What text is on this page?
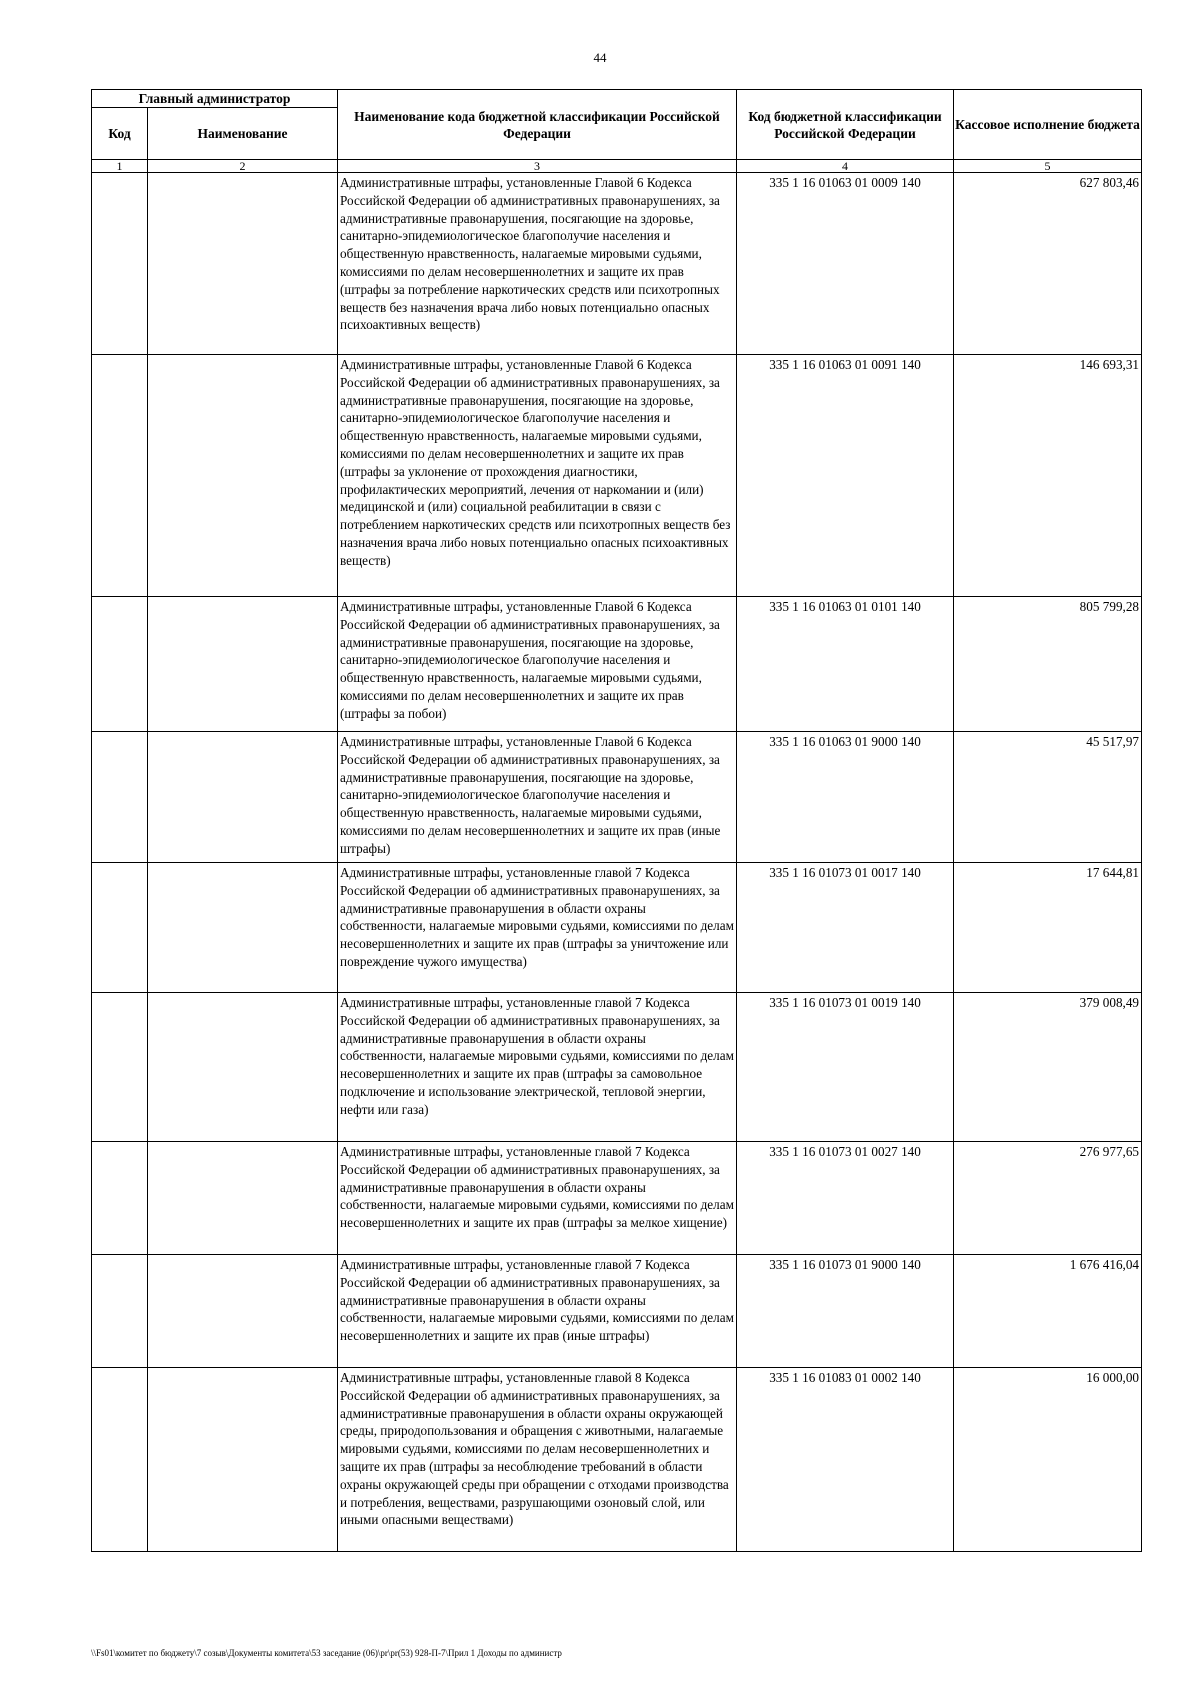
44
Главный администратор		Наименование кода бюджетной классификации Российской Федерации	Код бюджетной классификации Российской Федерации	Кассовое исполнение бюджета
Код	Наименование			
1	2	3	4	5
		Административные штрафы, установленные Главой 6 Кодекса Российской Федерации об административных правонарушениях, за административные правонарушения, посягающие на здоровье, санитарно-эпидемиологическое благополучие населения и общественную нравственность, налагаемые мировыми судьями, комиссиями по делам несовершеннолетних и защите их прав (штрафы за потребление наркотических средств или психотропных веществ без назначения врача либо новых потенциально опасных психоактивных веществ)	335 1 16 01063 01 0009 140	627 803,46
		Административные штрафы, установленные Главой 6 Кодекса Российской Федерации об административных правонарушениях, за административные правонарушения, посягающие на здоровье, санитарно-эпидемиологическое благополучие населения и общественную нравственность, налагаемые мировыми судьями, комиссиями по делам несовершеннолетних и защите их прав (штрафы за уклонение от прохождения диагностики, профилактических мероприятий, лечения от наркомании и (или) медицинской и (или) социальной реабилитации в связи с потреблением наркотических средств или психотропных веществ без назначения врача либо новых потенциально опасных психоактивных веществ)	335 1 16 01063 01 0091 140	146 693,31
		Административные штрафы, установленные Главой 6 Кодекса Российской Федерации об административных правонарушениях, за административные правонарушения, посягающие на здоровье, санитарно-эпидемиологическое благополучие населения и общественную нравственность, налагаемые мировыми судьями, комиссиями по делам несовершеннолетних и защите их прав (штрафы за побои)	335 1 16 01063 01 0101 140	805 799,28
		Административные штрафы, установленные Главой 6 Кодекса Российской Федерации об административных правонарушениях, за административные правонарушения, посягающие на здоровье, санитарно-эпидемиологическое благополучие населения и общественную нравственность, налагаемые мировыми судьями, комиссиями по делам несовершеннолетних и защите их прав (иные штрафы)	335 1 16 01063 01 9000 140	45 517,97
		Административные штрафы, установленные главой 7 Кодекса Российской Федерации об административных правонарушениях, за административные правонарушения в области охраны собственности, налагаемые мировыми судьями, комиссиями по делам несовершеннолетних и защите их прав (штрафы за уничтожение или повреждение чужого имущества)	335 1 16 01073 01 0017 140	17 644,81
		Административные штрафы, установленные главой 7 Кодекса Российской Федерации об административных правонарушениях, за административные правонарушения в области охраны собственности, налагаемые мировыми судьями, комиссиями по делам несовершеннолетних и защите их прав (штрафы за самовольное подключение и использование электрической, тепловой энергии, нефти или газа)	335 1 16 01073 01 0019 140	379 008,49
		Административные штрафы, установленные главой 7 Кодекса Российской Федерации об административных правонарушениях, за административные правонарушения в области охраны собственности, налагаемые мировыми судьями, комиссиями по делам несовершеннолетних и защите их прав (штрафы за мелкое хищение)	335 1 16 01073 01 0027 140	276 977,65
		Административные штрафы, установленные главой 7 Кодекса Российской Федерации об административных правонарушениях, за административные правонарушения в области охраны собственности, налагаемые мировыми судьями, комиссиями по делам несовершеннолетних и защите их прав (иные штрафы)	335 1 16 01073 01 9000 140	1 676 416,04
		Административные штрафы, установленные главой 8 Кодекса Российской Федерации об административных правонарушениях, за административные правонарушения в области охраны окружающей среды, природопользования и обращения с животными, налагаемые мировыми судьями, комиссиями по делам несовершеннолетних и защите их прав (штрафы за несоблюдение требований в области охраны окружающей среды при обращении с отходами производства и потребления, веществами, разрушающими озоновый слой, или иными опасными веществами)	335 1 16 01083 01 0002 140	16 000,00
\\Fs01\комитет по бюджету\7 созыв\Документы комитета\53 заседание (06)\pr\pr(53) 928-П-7\Прил 1 Доходы по администр
